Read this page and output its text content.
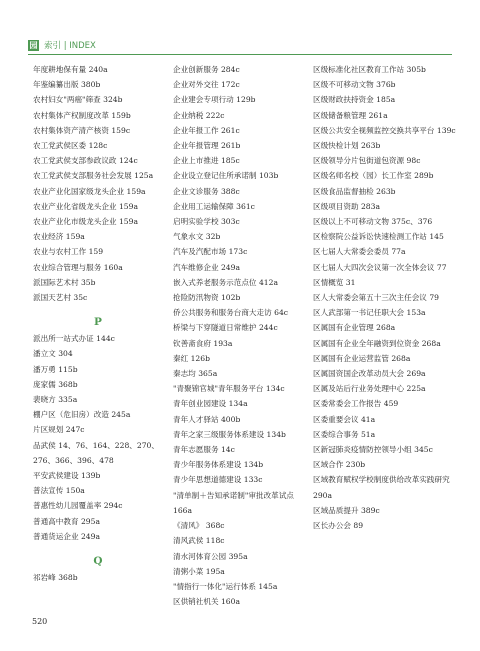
园 索引 | INDEX

年度耕地保有量 240a

年鉴编纂出版 380b

农村妇女"两癌"筛查 324b

农村集体产权制度改革 159b

农村集体资产清产核资 159c

农工党武侯区委 128c

农工党武侯支部参政议政 124c

农工党武侯支部服务社会发展 125a

农业产业化国家级龙头企业 159a

农业产业化省级龙头企业 159a

农业产业化市级龙头企业 159a

农业经济 159a

农业与农村工作 159

农业综合管理与服务 160a

派国际艺术村 35b

派国天艺村 35c

P

派出所一站式办证 144c

潘立文 304

潘万勇 115b

庞家儒 368b

裴晓方 335a

棚户区（危旧房）改造 245a

片区规划 247c

品武侯 14、76、164、228、270、276、366、396、478

平安武侯建设 139b

普法宣传 150a

普惠性幼儿园覆盖率 294c

普通高中教育 295a

普通货运企业 249a

Q

祁岩峰 368b

企业创新服务 284c

企业对外交往 172c

企业建会专项行动 129b

企业纳税 222c

企业年报工作 261c

企业年报管理 261b

企业上市推进 185c

企业设立登记住所承诺制 103b

企业文诊服务 388c

企业用工运输保障 361c

启明实验学校 303c

气象水文 32b

汽车及汽配市场 173c

汽车维修企业 249a

嵌入式养老服务示范点位 412a

抢险防汛物资 102b

侨公共服务和服务台商大走访 64c

桥梁与下穿隧道日常维护 244c

钦善斋食府 193a

秦红 126b

秦志均 365a

"青聚锦官城"青年服务平台 134c

青年创业园建设 134a

青年人才驿站 400b

青年之家三级服务体系建设 134b

青年志愿服务 14c

青少年服务体系建设 134b

青少年思想道德建设 133c

"清单制＋告知承诺制"审批改革试点 166a

《清风》 368c

清风武侯 118c

清水河体育公园 395a

清粥小菜 195a

"情指行一体化"运行体系 145a

区供销社机关 160a

区级标准化社区教育工作站 305b

区级不可移动文物 376b

区级财政扶持资金 185a

区级储备粮管理 261a

区级公共安全视频监控交换共享平台 139c

区级快检计划 263b

区级领导分片包街道包资源 98c

区级名师名校（园）长工作室 289b

区级食品监督抽检 263b

区级项目资助 283a

区级以上不可移动文物 375c、376

区检察院公益诉讼快速检测工作站 145

区七届人大常委会委员 77a

区七届人大四次会议第一次全体会议 77

区情概览 31

区人大常委会第五十三次主任会议 79

区人武部第一书记任职大会 153a

区属国有企业管理 268a

区属国有企业全年融资到位资金 268a

区属国有企业运营监管 268a

区属国资国企改革动员大会 269a

区属及站后行业务处理中心 225a

区委常委会工作报告 459

区委重要会议 41a

区委综合事务 51a

区新冠肺炎疫情防控领导小组 345c

区域合作 230b

区域教育赋权学校制度供给改革实践研究 290a

区域品质提升 389c

区长办公会 89

520
